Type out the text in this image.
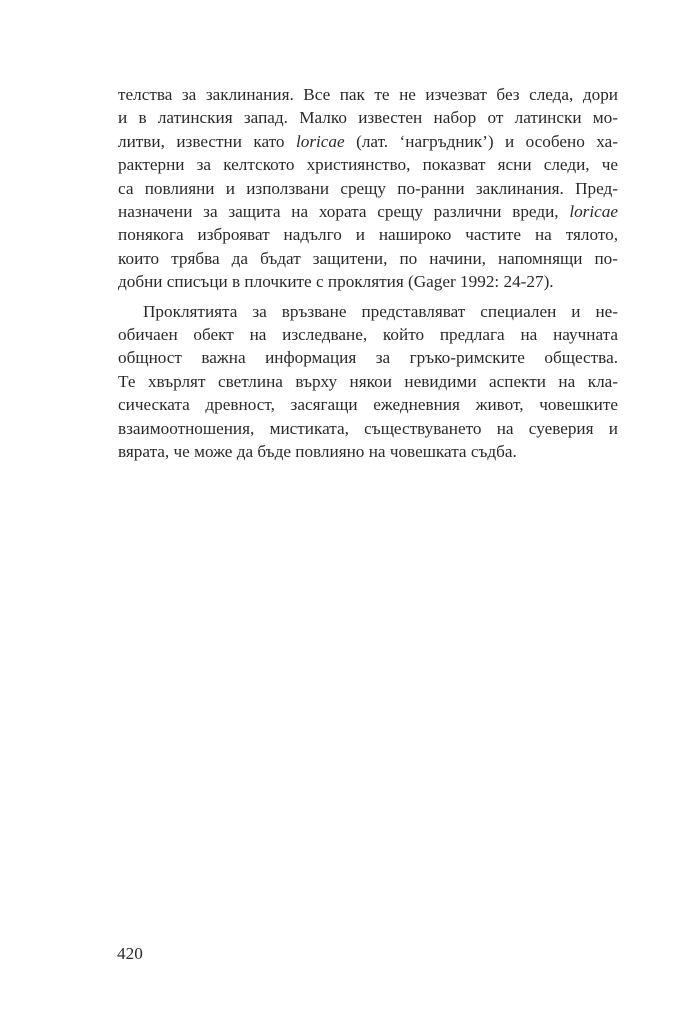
телства за заклинания. Все пак те не изчезват без следа, дори
и в латинския запад. Малко известен набор от латински мо-
литви, известни като loricae (лат. ‘нагръдник’) и особено ха-
рактерни за келтското християнство, показват ясни следи, че
са повлияни и използвани срещу по-ранни заклинания. Пред-
назначени за защита на хората срещу различни вреди, loricae
понякога изброяват надълго и нашироко частите на тялото,
които трябва да бъдат защитени, по начини, напомнящи по-
добни списъци в плочките с проклятия (Gager 1992: 24-27).
Проклятията за връзване представляват специален и не-
обичаен обект на изследване, който предлага на научната
общност важна информация за гръко-римските общества.
Те хвърлят светлина върху някои невидими аспекти на кла-
сическата древност, засягащи ежедневния живот, човешките
взаимоотношения, мистиката, съществуването на суеверия и
вярата, че може да бъде повлияно на човешката съдба.
420
